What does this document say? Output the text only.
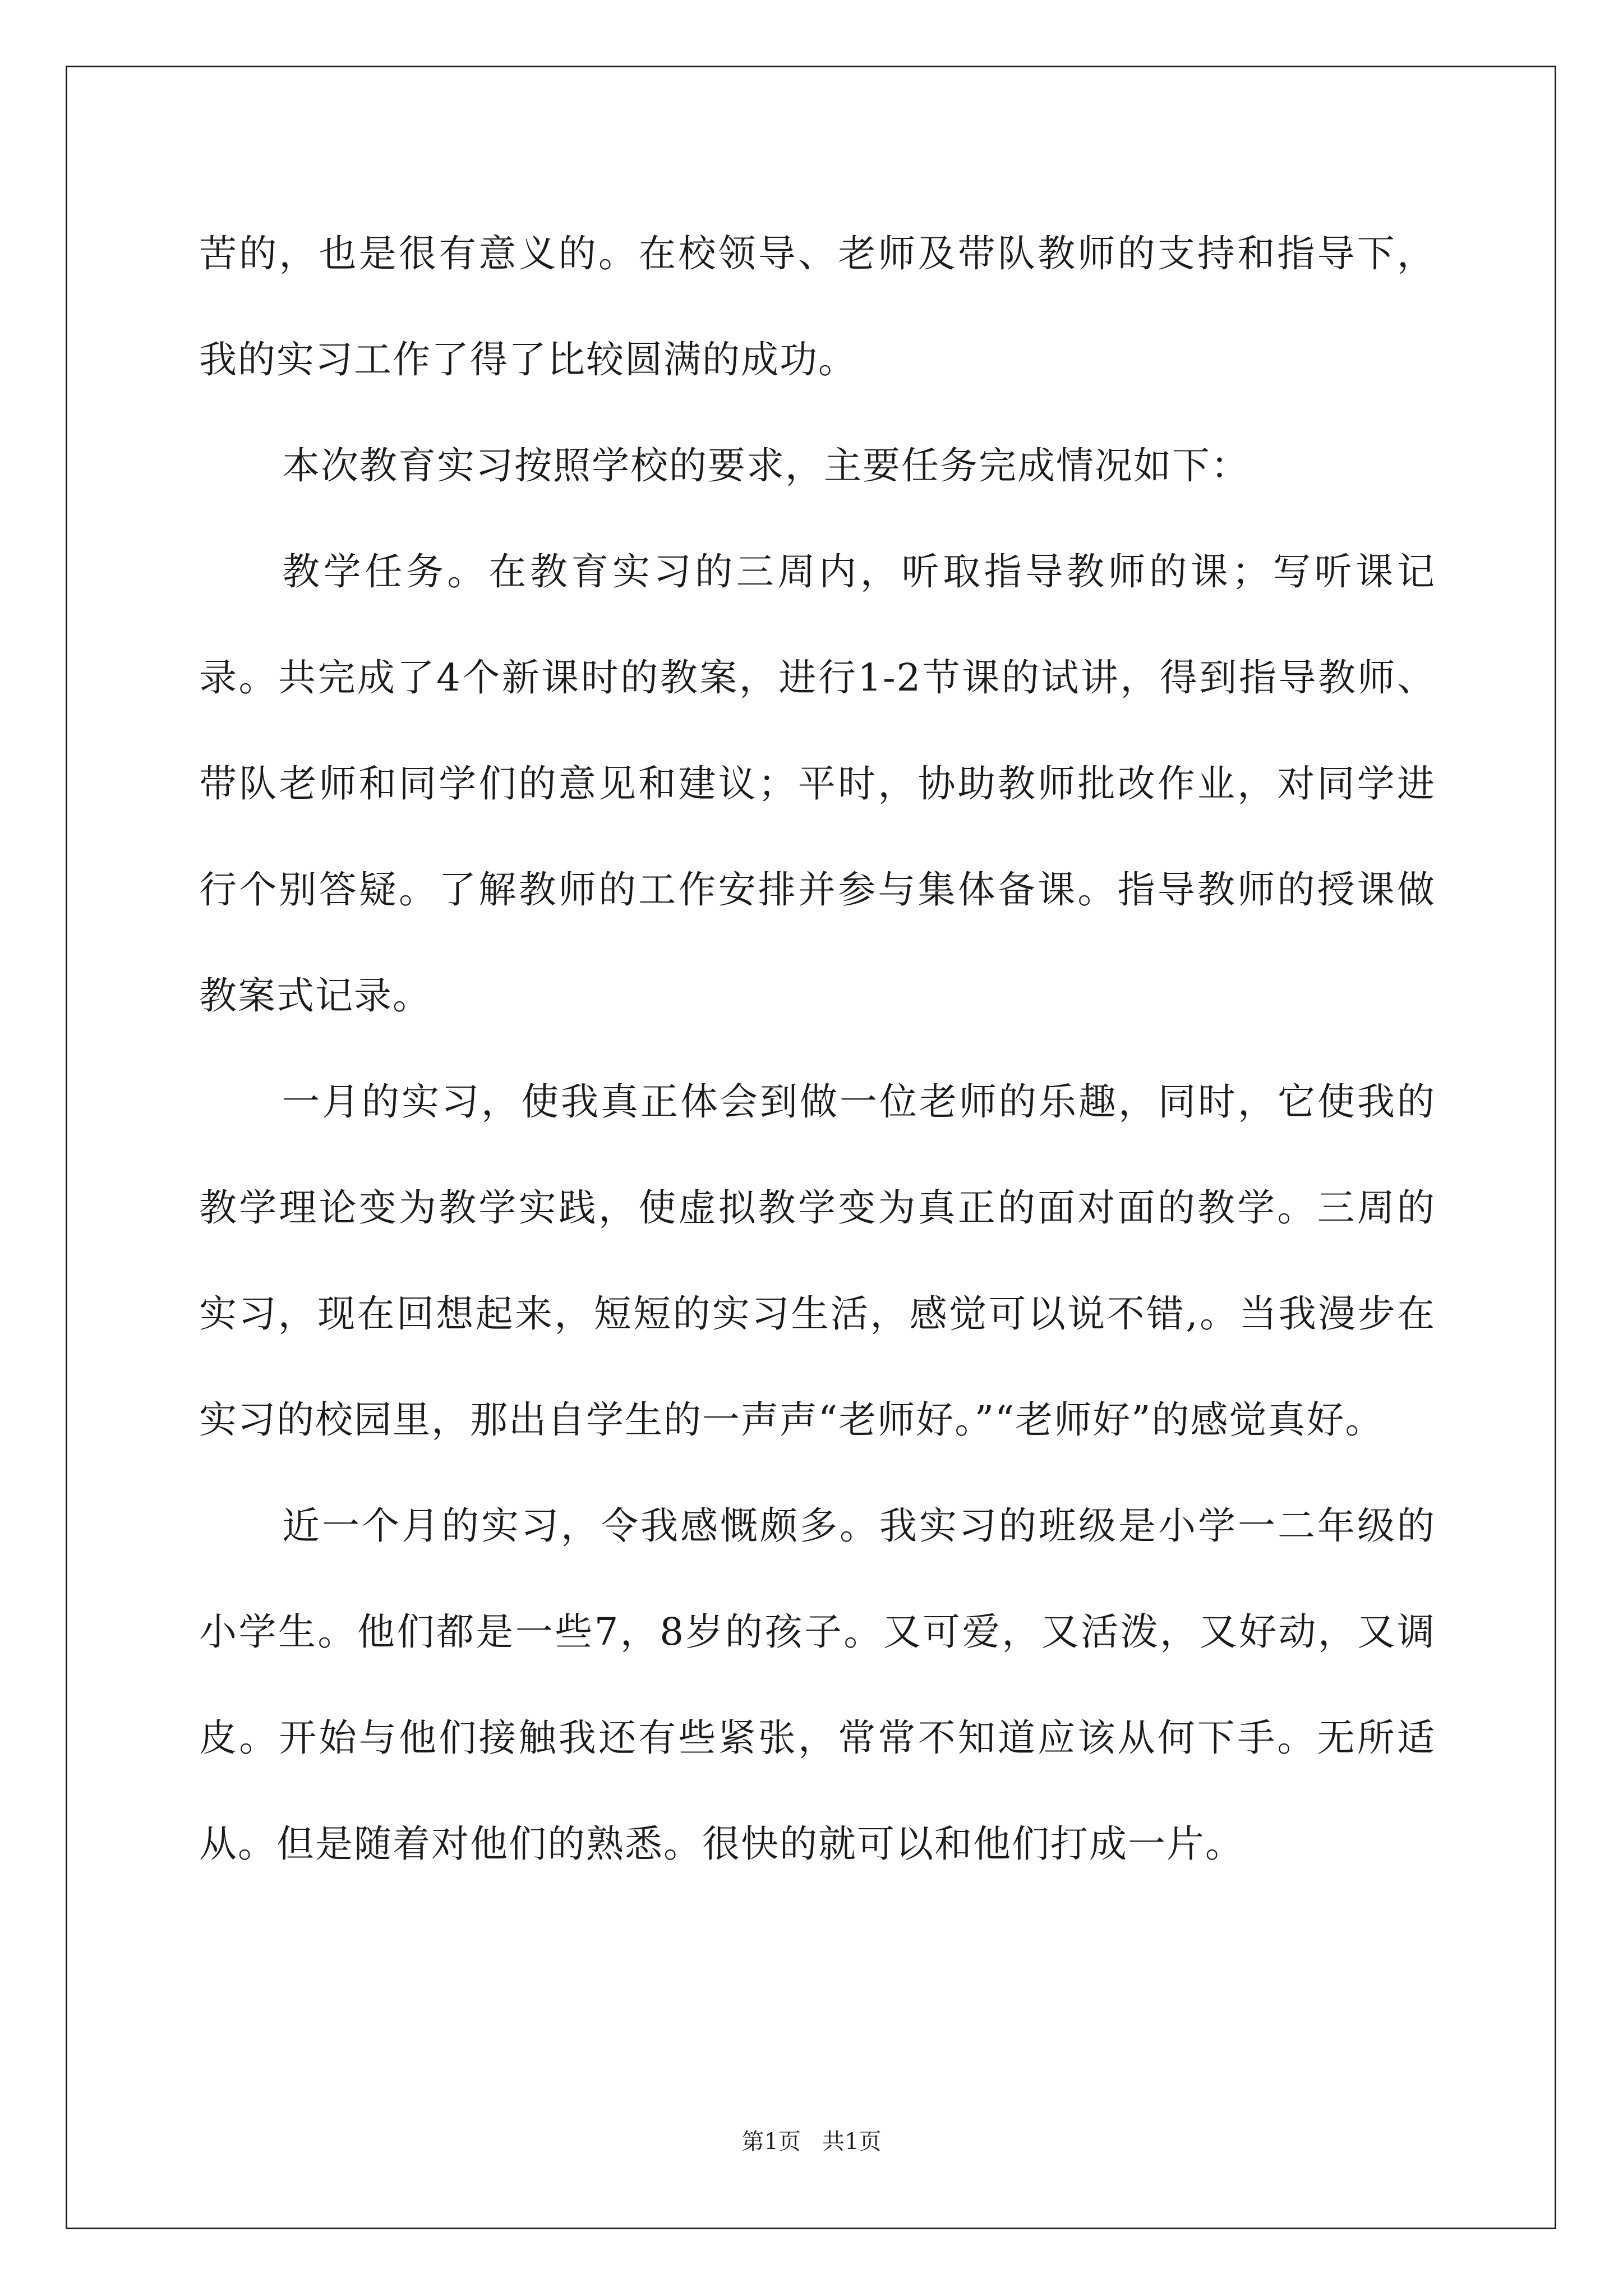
苦的，也是很有意义的。在校领导、老师及带队教师的支持和指导下，我的实习工作了得了比较圆满的成功。

本次教育实习按照学校的要求，主要任务完成情况如下：

教学任务。在教育实习的三周内，听取指导教师的课；写听课记录。共完成了4个新课时的教案，进行1-2节课的试讲，得到指导教师、带队老师和同学们的意见和建议；平时，协助教师批改作业，对同学进行个别答疑。了解教师的工作安排并参与集体备课。指导教师的授课做教案式记录。

一月的实习，使我真正体会到做一位老师的乐趣，同时，它使我的教学理论变为教学实践，使虚拟教学变为真正的面对面的教学。三周的实习，现在回想起来，短短的实习生活，感觉可以说不错,。当我漫步在实习的校园里，那出自学生的一声声“老师好。”“老师好”的感觉真好。

近一个月的实习，令我感慨颇多。我实习的班级是小学一二年级的小学生。他们都是一些7，8岁的孩子。又可爱，又活泼，又好动，又调皮。开始与他们接触我还有些紧张，常常不知道应该从何下手。无所适从。但是随着对他们的熟悉。很快的就可以和他们打成一片。

第1页   共1页
